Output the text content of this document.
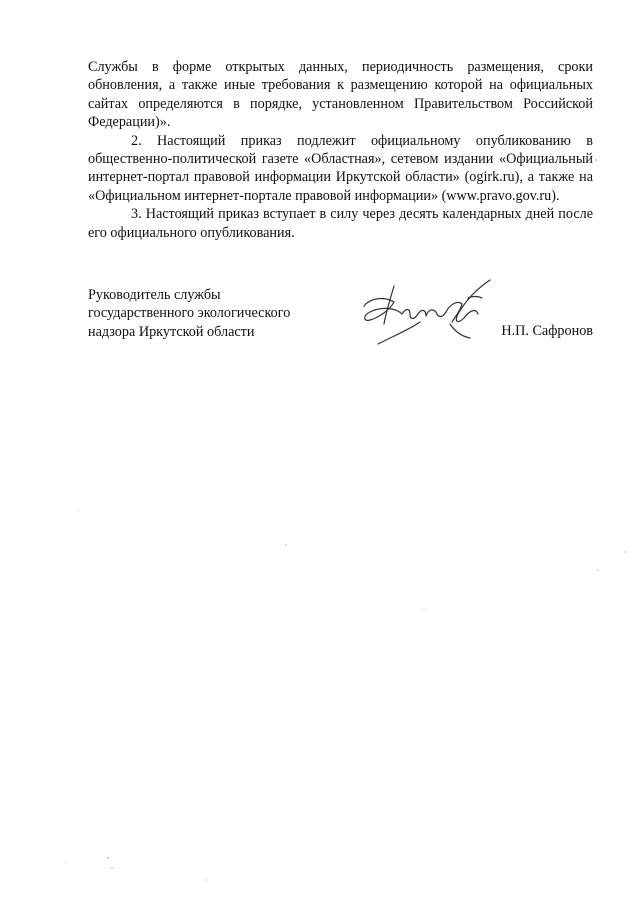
Службы в форме открытых данных, периодичность размещения, сроки обновления, а также иные требования к размещению которой на официальных сайтах определяются в порядке, установленном Правительством Российской Федерации)».

2. Настоящий приказ подлежит официальному опубликованию в общественно-политической газете «Областная», сетевом издании «Официальный интернет-портал правовой информации Иркутской области» (ogirk.ru), а также на «Официальном интернет-портале правовой информации» (www.pravo.gov.ru).

3. Настоящий приказ вступает в силу через десять календарных дней после его официального опубликования.

Руководитель службы
государственного экологического
надзора Иркутской области	Н.П. Сафронов
